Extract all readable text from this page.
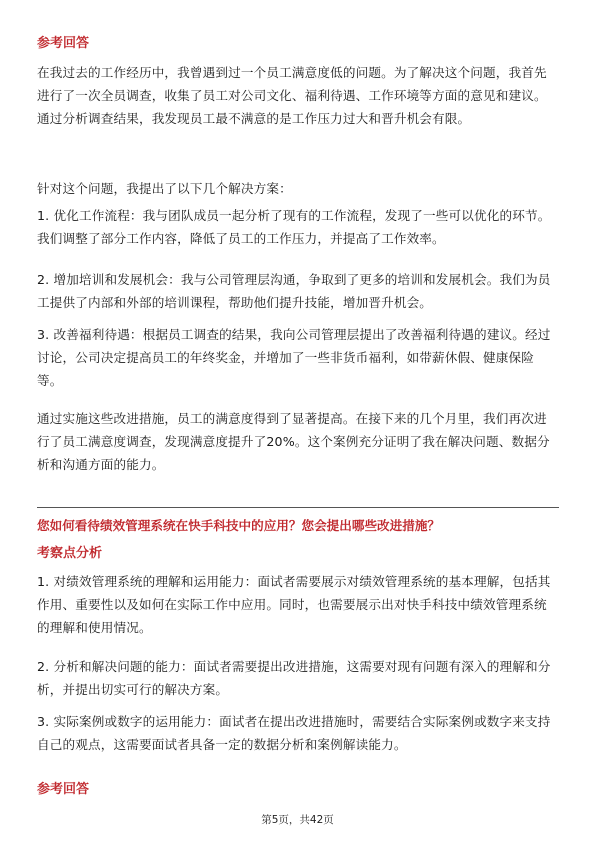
参考回答
在我过去的工作经历中，我曾遇到过一个员工满意度低的问题。为了解决这个问题，我首先进行了一次全员调查，收集了员工对公司文化、福利待遇、工作环境等方面的意见和建议。通过分析调查结果，我发现员工最不满意的是工作压力过大和晋升机会有限。
针对这个问题，我提出了以下几个解决方案：
1. 优化工作流程：我与团队成员一起分析了现有的工作流程，发现了一些可以优化的环节。我们调整了部分工作内容，降低了员工的工作压力，并提高了工作效率。
2. 增加培训和发展机会：我与公司管理层沟通，争取到了更多的培训和发展机会。我们为员工提供了内部和外部的培训课程，帮助他们提升技能，增加晋升机会。
3. 改善福利待遇：根据员工调查的结果，我向公司管理层提出了改善福利待遇的建议。经过讨论，公司决定提高员工的年终奖金，并增加了一些非货币福利，如带薪休假、健康保险等。
通过实施这些改进措施，员工的满意度得到了显著提高。在接下来的几个月里，我们再次进行了员工满意度调查，发现满意度提升了20%。这个案例充分证明了我在解决问题、数据分析和沟通方面的能力。
您如何看待绩效管理系统在快手科技中的应用？您会提出哪些改进措施？
考察点分析
1. 对绩效管理系统的理解和运用能力：面试者需要展示对绩效管理系统的基本理解，包括其作用、重要性以及如何在实际工作中应用。同时，也需要展示出对快手科技中绩效管理系统的理解和使用情况。
2. 分析和解决问题的能力：面试者需要提出改进措施，这需要对现有问题有深入的理解和分析，并提出切实可行的解决方案。
3. 实际案例或数字的运用能力：面试者在提出改进措施时，需要结合实际案例或数字来支持自己的观点，这需要面试者具备一定的数据分析和案例解读能力。
参考回答
第5页，共42页
